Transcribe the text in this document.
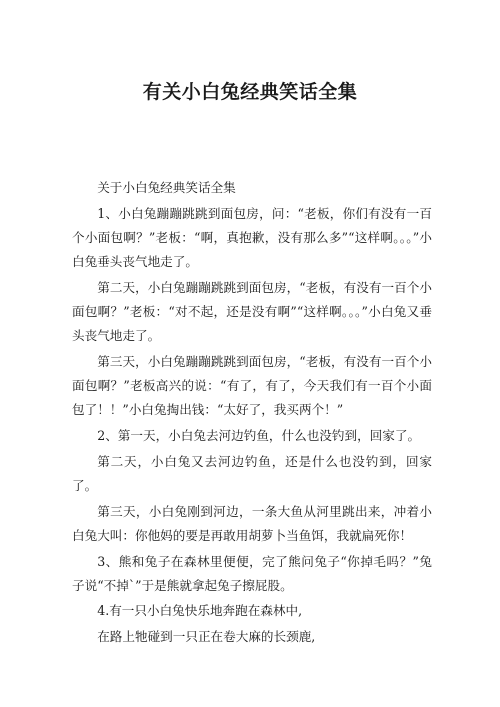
有关小白兔经典笑话全集

关于小白兔经典笑话全集

1、小白兔蹦蹦跳跳到面包房，问：“老板，你们有没有一百个小面包啊？”老板：“啊，真抱歉，没有那么多”“这样啊。。。”小白兔垂头丧气地走了。

第二天，小白兔蹦蹦跳跳到面包房，“老板，有没有一百个小面包啊？”老板：“对不起，还是没有啊”“这样啊。。。”小白兔又垂头丧气地走了。

第三天，小白兔蹦蹦跳跳到面包房，“老板，有没有一百个小面包啊？”老板高兴的说：“有了，有了，今天我们有一百个小面包了！！”小白兔掏出钱：“太好了，我买两个！”

2、第一天，小白兔去河边钓鱼，什么也没钓到，回家了。

第二天，小白兔又去河边钓鱼，还是什么也没钓到，回家了。

第三天，小白兔刚到河边，一条大鱼从河里跳出来，冲着小白兔大叫：你他妈的要是再敢用胡萝卜当鱼饵，我就扁死你！

3、熊和兔子在森林里便便，完了熊问兔子“你掉毛吗？”兔子说“不掉`”于是熊就拿起兔子擦屁股。

4.有一只小白兔快乐地奔跑在森林中,

在路上牠碰到一只正在卷大麻的长颈鹿,
